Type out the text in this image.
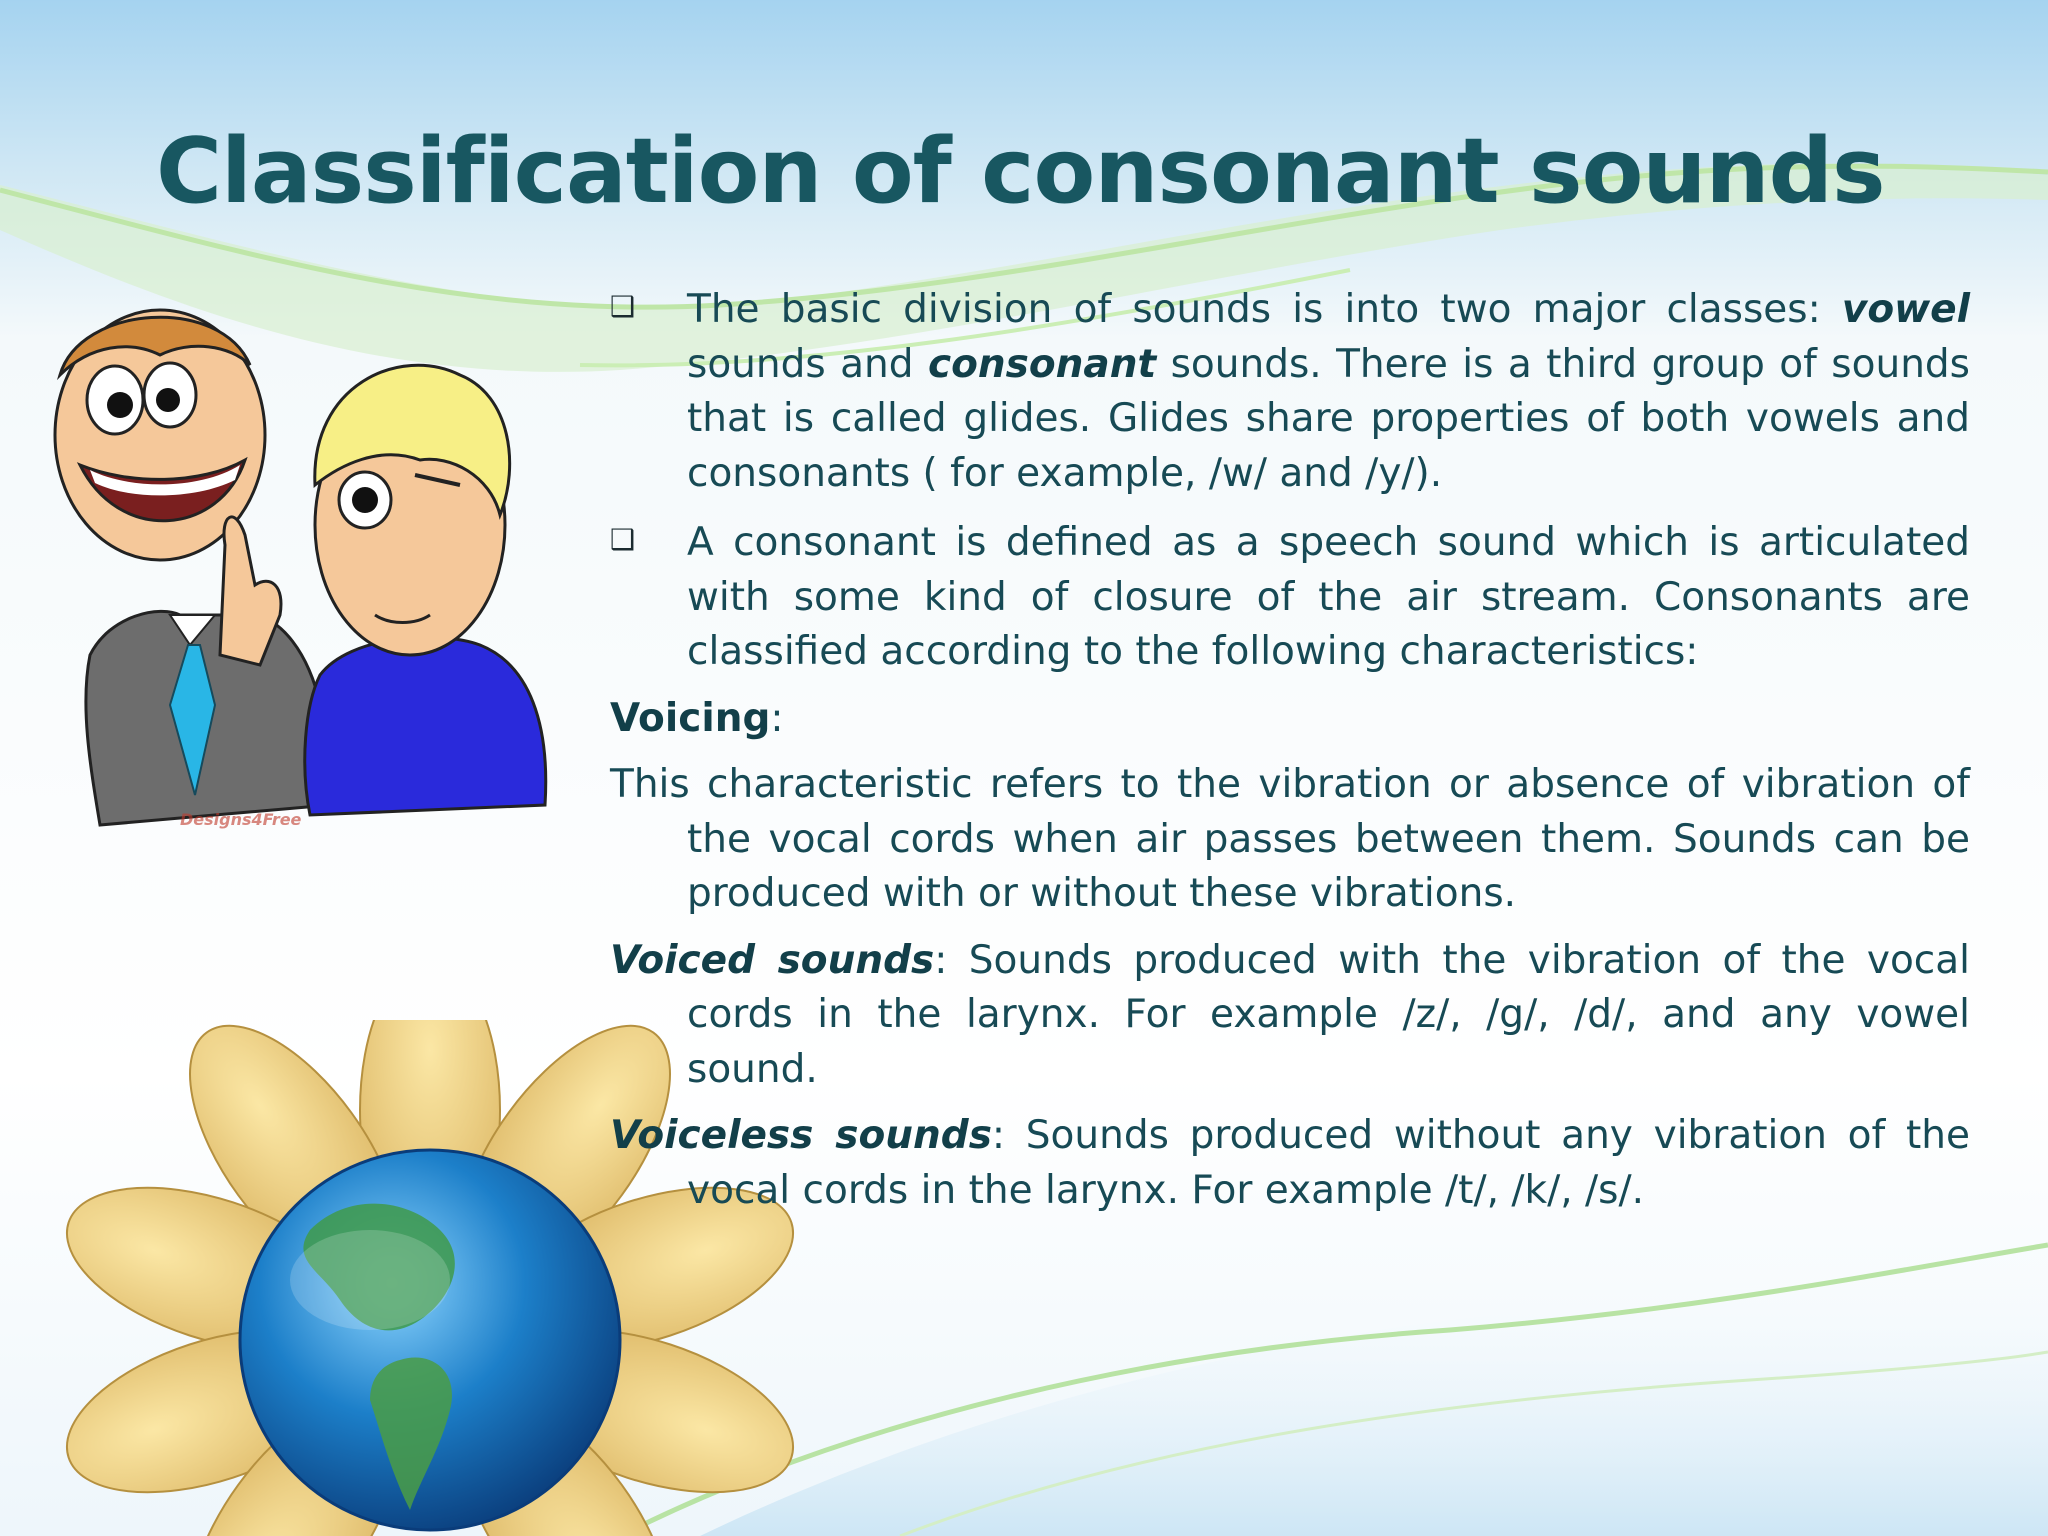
Classification of consonant sounds
Designs4Free

❑ The basic division of sounds is into two major classes: vowel sounds and consonant sounds. There is a third group of sounds that is called glides. Glides share properties of both vowels and consonants ( for example, /w/ and /y/).

❑ A consonant is defined as a speech sound which is articulated with some kind of closure of the air stream. Consonants are classified according to the following characteristics:

Voicing:

This characteristic refers to the vibration or absence of vibration of the vocal cords when air passes between them. Sounds can be produced with or without these vibrations.

Voiced sounds: Sounds produced with the vibration of the vocal cords in the larynx. For example /z/, /g/, /d/, and any vowel sound.

Voiceless sounds: Sounds produced without any vibration of the vocal cords in the larynx. For example /t/, /k/, /s/.
